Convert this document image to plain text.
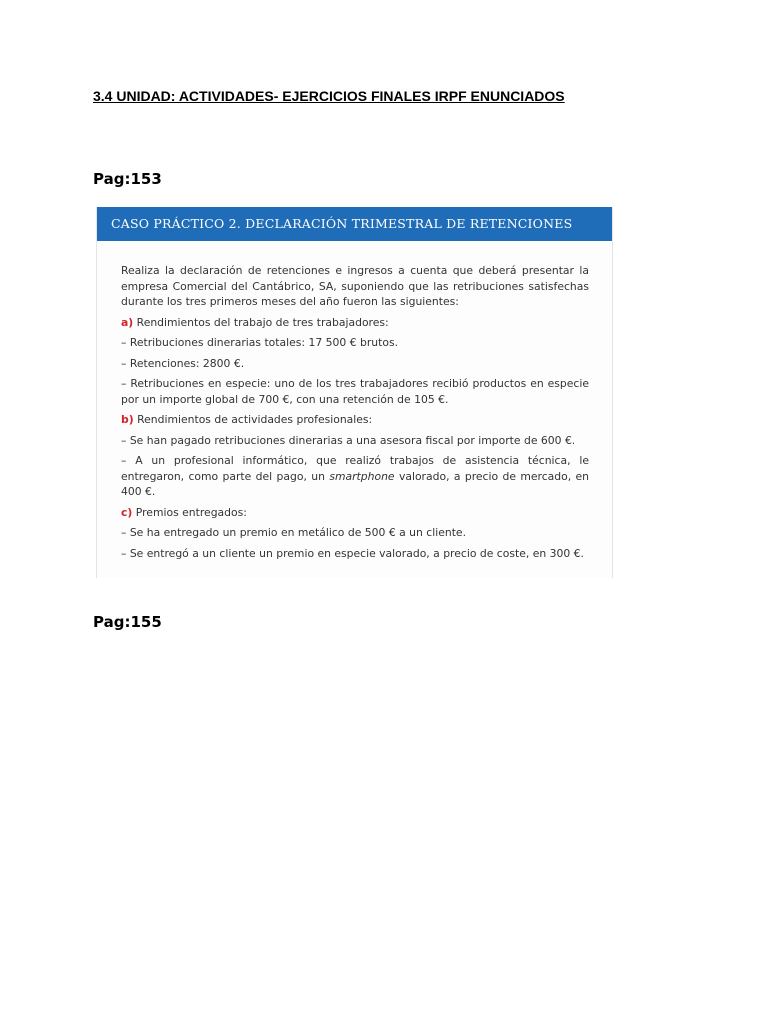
3.4 UNIDAD: ACTIVIDADES- EJERCICIOS FINALES IRPF ENUNCIADOS
Pag:153
CASO PRÁCTICO 2. DECLARACIÓN TRIMESTRAL DE RETENCIONES

Realiza la declaración de retenciones e ingresos a cuenta que deberá presentar la empresa Comercial del Cantábrico, SA, suponiendo que las retribuciones satisfechas durante los tres primeros meses del año fueron las siguientes:

a) Rendimientos del trabajo de tres trabajadores:

– Retribuciones dinerarias totales: 17 500 € brutos.

– Retenciones: 2800 €.

– Retribuciones en especie: uno de los tres trabajadores recibió productos en especie por un importe global de 700 €, con una retención de 105 €.

b) Rendimientos de actividades profesionales:

– Se han pagado retribuciones dinerarias a una asesora fiscal por importe de 600 €.

– A un profesional informático, que realizó trabajos de asistencia técnica, le entregaron, como parte del pago, un smartphone valorado, a precio de mercado, en 400 €.

c) Premios entregados:

– Se ha entregado un premio en metálico de 500 € a un cliente.

– Se entregó a un cliente un premio en especie valorado, a precio de coste, en 300 €.

Pag:155
